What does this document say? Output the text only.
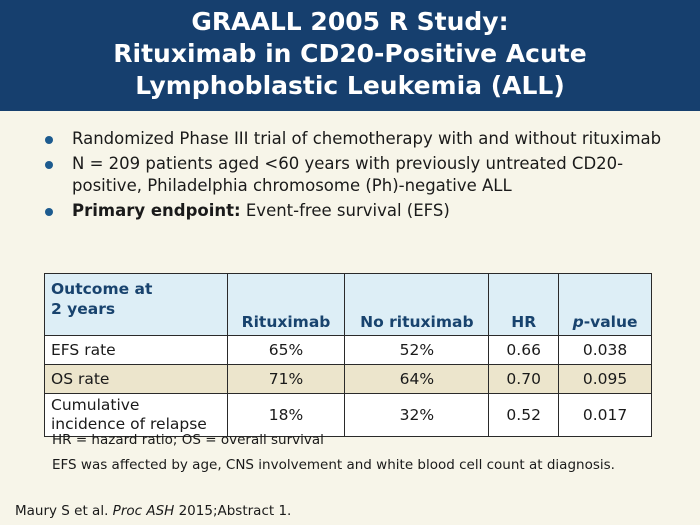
GRAALL 2005 R Study:
Rituximab in CD20-Positive Acute
Lymphoblastic Leukemia (ALL)
Randomized Phase III trial of chemotherapy with and without rituximab
N = 209 patients aged <60 years with previously untreated CD20-positive, Philadelphia chromosome (Ph)-negative ALL
Primary endpoint: Event-free survival (EFS)
Outcome at
2 years	Rituximab	No rituximab	HR	p-value
EFS rate	65%	52%	0.66	0.038
OS rate	71%	64%	0.70	0.095
Cumulative
incidence of relapse	18%	32%	0.52	0.017
HR = hazard ratio; OS = overall survival
EFS was affected by age, CNS involvement and white blood cell count at diagnosis.
Maury S et al. Proc ASH 2015;Abstract 1.
